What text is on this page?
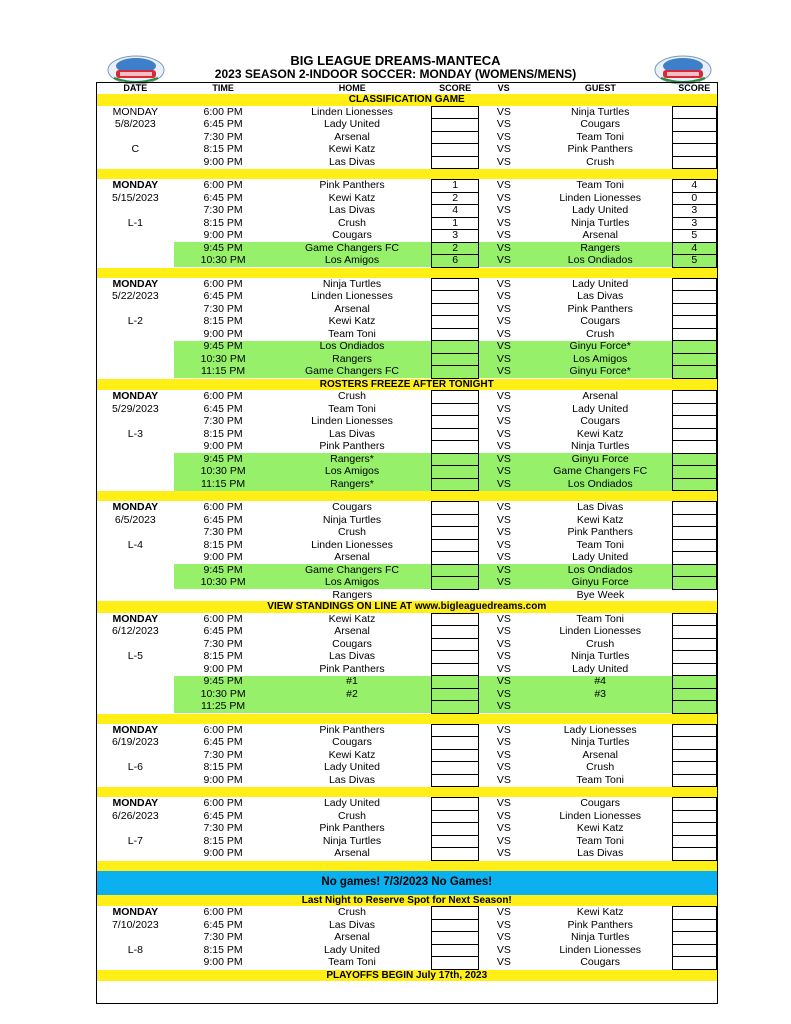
BIG LEAGUE DREAMS-MANTECA
2023 SEASON 2-INDOOR SOCCER: MONDAY (WOMENS/MENS)
DATE	TIME	HOME	SCORE	VS	GUEST	SCORE
CLASSIFICATION GAME						
MONDAY	6:00 PM	Linden Lionesses		VS	Ninja Turtles	
5/8/2023	6:45 PM	Lady United		VS	Cougars	
	7:30 PM	Arsenal		VS	Team Toni	
C	8:15 PM	Kewi Katz		VS	Pink Panthers	
	9:00 PM	Las Divas		VS	Crush	

MONDAY	6:00 PM	Pink Panthers	1	VS	Team Toni	4
5/15/2023	6:45 PM	Kewi Katz	2	VS	Linden Lionesses	0
	7:30 PM	Las Divas	4	VS	Lady United	3
L-1	8:15 PM	Crush	1	VS	Ninja Turtles	3
	9:00 PM	Cougars	3	VS	Arsenal	5
	9:45 PM	Game Changers FC	2	VS	Rangers	4
	10:30 PM	Los Amigos	6	VS	Los Ondiados	5

MONDAY	6:00 PM	Ninja Turtles		VS	Lady United	
5/22/2023	6:45 PM	Linden Lionesses		VS	Las Divas	
	7:30 PM	Arsenal		VS	Pink Panthers	
L-2	8:15 PM	Kewi Katz		VS	Cougars	
	9:00 PM	Team Toni		VS	Crush	
	9:45 PM	Los Ondiados		VS	Ginyu Force*	
	10:30 PM	Rangers		VS	Los Amigos	
	11:15 PM	Game Changers FC		VS	Ginyu Force*	
ROSTERS FREEZE AFTER TONIGHT						
MONDAY	6:00 PM	Crush		VS	Arsenal	
5/29/2023	6:45 PM	Team Toni		VS	Lady United	
	7:30 PM	Linden Lionesses		VS	Cougars	
L-3	8:15 PM	Las Divas		VS	Kewi Katz	
	9:00 PM	Pink Panthers		VS	Ninja Turtles	
	9:45 PM	Rangers*		VS	Ginyu Force	
	10:30 PM	Los Amigos		VS	Game Changers FC	
	11:15 PM	Rangers*		VS	Los Ondiados	

MONDAY	6:00 PM	Cougars		VS	Las Divas	
6/5/2023	6:45 PM	Ninja Turtles		VS	Kewi Katz	
	7:30 PM	Crush		VS	Pink Panthers	
L-4	8:15 PM	Linden Lionesses		VS	Team Toni	
	9:00 PM	Arsenal		VS	Lady United	
	9:45 PM	Game Changers FC		VS	Los Ondiados	
	10:30 PM	Los Amigos		VS	Ginyu Force	
		Rangers			Bye Week	
VIEW STANDINGS ON LINE AT www.bigleaguedreams.com						
MONDAY	6:00 PM	Kewi Katz		VS	Team Toni	
6/12/2023	6:45 PM	Arsenal		VS	Linden Lionesses	
	7:30 PM	Cougars		VS	Crush	
L-5	8:15 PM	Las Divas		VS	Ninja Turtles	
	9:00 PM	Pink Panthers		VS	Lady United	
	9:45 PM	#1		VS	#4	
	10:30 PM	#2		VS	#3	
	11:25 PM			VS		

MONDAY	6:00 PM	Pink Panthers		VS	Lady Lionesses	
6/19/2023	6:45 PM	Cougars		VS	Ninja Turtles	
	7:30 PM	Kewi Katz		VS	Arsenal	
L-6	8:15 PM	Lady United		VS	Crush	
	9:00 PM	Las Divas		VS	Team Toni	

MONDAY	6:00 PM	Lady United		VS	Cougars	
6/26/2023	6:45 PM	Crush		VS	Linden Lionesses	
	7:30 PM	Pink Panthers		VS	Kewi Katz	
L-7	8:15 PM	Ninja Turtles		VS	Team Toni	
	9:00 PM	Arsenal		VS	Las Divas	

No games! 7/3/2023 No Games!						
Last Night to Reserve Spot for Next Season!						
MONDAY	6:00 PM	Crush		VS	Kewi Katz	
7/10/2023	6:45 PM	Las Divas		VS	Pink Panthers	
	7:30 PM	Arsenal		VS	Ninja Turtles	
L-8	8:15 PM	Lady United		VS	Linden Lionesses	
	9:00 PM	Team Toni		VS	Cougars	
PLAYOFFS BEGIN July 17th, 2023						
